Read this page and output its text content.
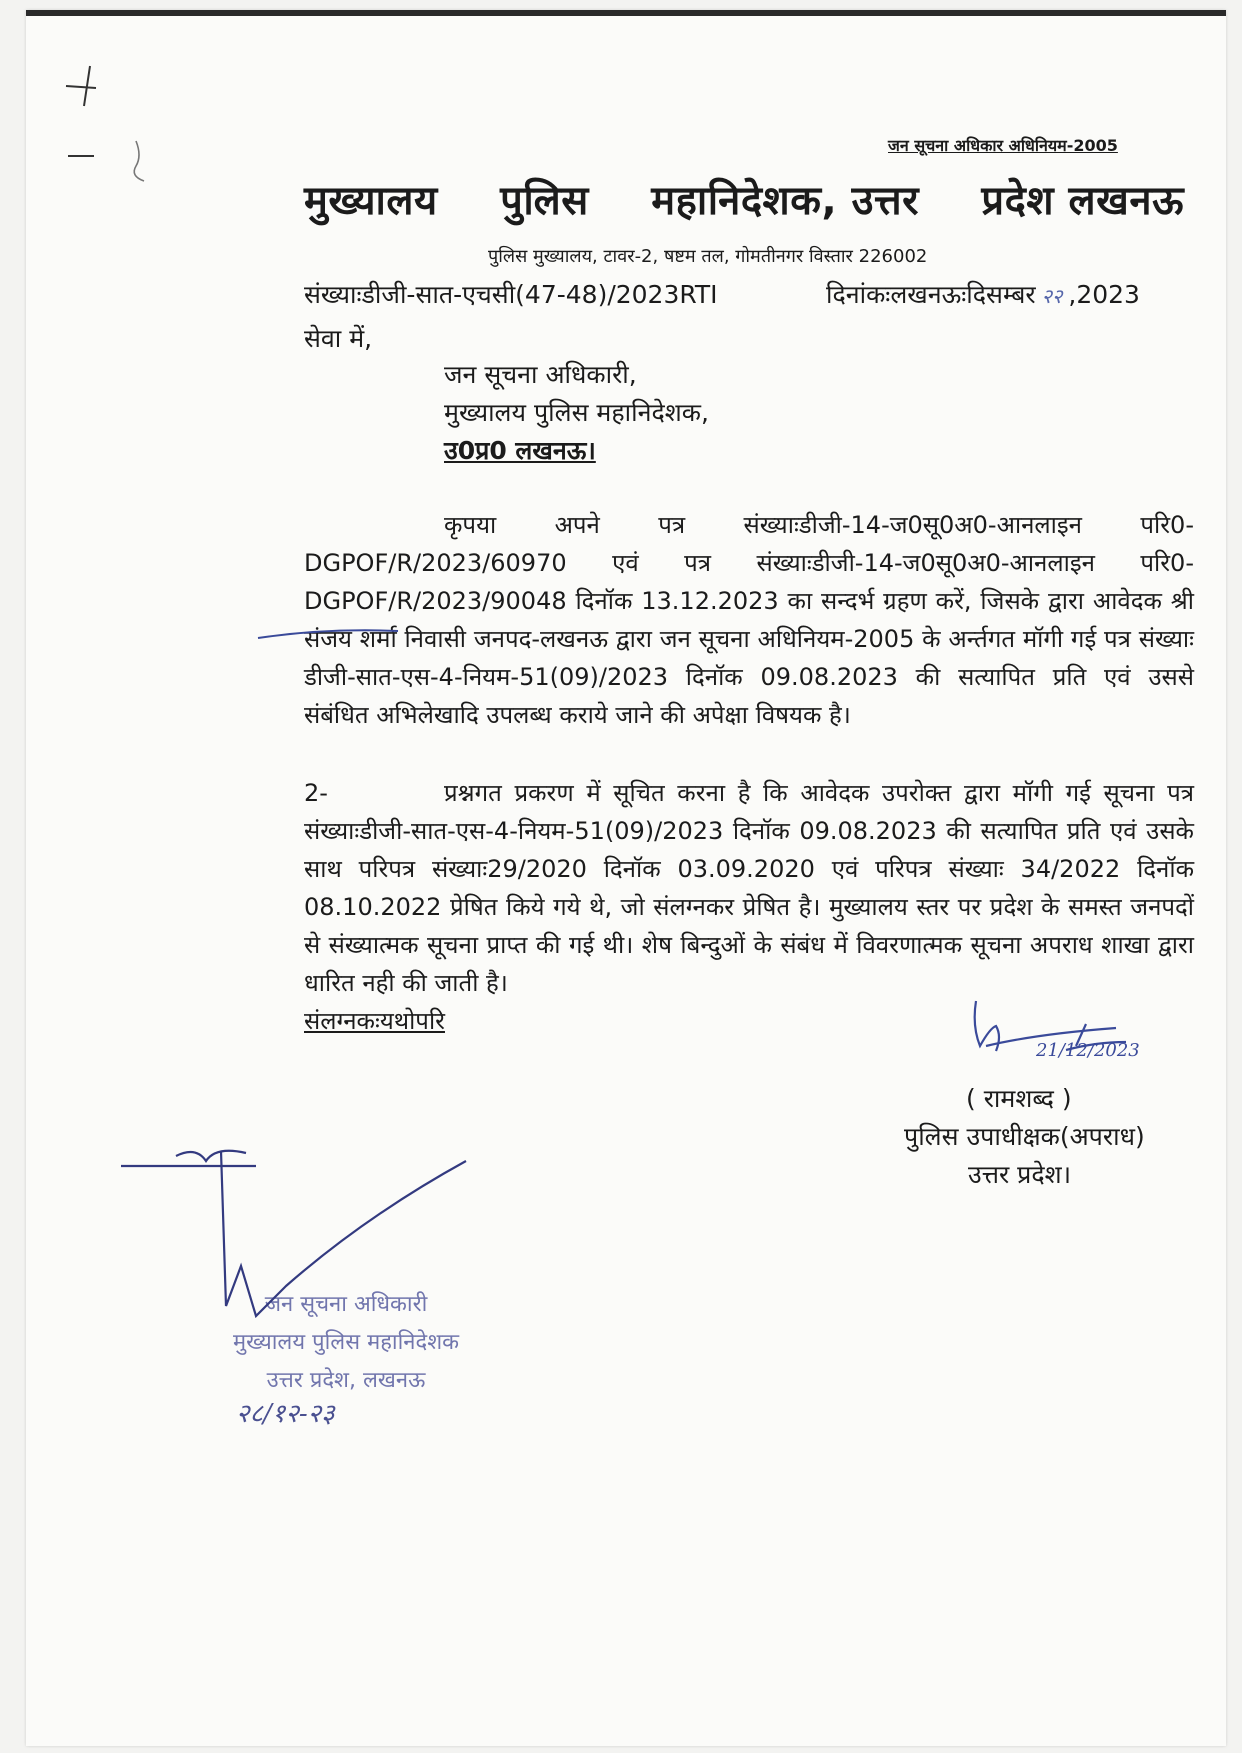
जन सूचना अधिकार अधिनियम-2005
मुख्यालय पुलिस महानिदेशक, उत्तर प्रदेश लखनऊ
पुलिस मुख्यालय, टावर-2, षष्टम तल, गोमतीनगर विस्तार 226002
संख्याःडीजी-सात-एचसी(47-48)/2023RTI	दिनांकःलखनऊःदिसम्बर २२ ,2023
सेवा में,
जन सूचना अधिकारी,
मुख्यालय पुलिस महानिदेशक,
उ0प्र0 लखनऊ।
कृपया अपने पत्र संख्याःडीजी-14-ज0सू0अ0-आनलाइन परि0-DGPOF/R/2023/60970 एवं पत्र संख्याःडीजी-14-ज0सू0अ0-आनलाइन परि0- DGPOF/R/2023/90048 दिनॉक 13.12.2023 का सन्दर्भ ग्रहण करें, जिसके द्वारा आवेदक श्री संजय शर्मा निवासी जनपद-लखनऊ द्वारा जन सूचना अधिनियम-2005 के अर्न्तगत मॉगी गई पत्र संख्याः डीजी-सात-एस-4-नियम-51(09)/2023 दिनॉक 09.08.2023 की सत्यापित प्रति एवं उससे संबंधित अभिलेखादि उपलब्ध कराये जाने की अपेक्षा विषयक है।
2-	प्रश्नगत प्रकरण में सूचित करना है कि आवेदक उपरोक्त द्वारा मॉगी गई सूचना पत्र संख्याःडीजी-सात-एस-4-नियम-51(09)/2023 दिनॉक 09.08.2023 की सत्यापित प्रति एवं उसके साथ परिपत्र संख्याः29/2020 दिनॉक 03.09.2020 एवं परिपत्र संख्याः 34/2022 दिनॉक 08.10.2022 प्रेषित किये गये थे, जो संलग्नकर प्रेषित है। मुख्यालय स्तर पर प्रदेश के समस्त जनपदों से संख्यात्मक सूचना प्राप्त की गई थी। शेष बिन्दुओं के संबंध में विवरणात्मक सूचना अपराध शाखा द्वारा धारित नही की जाती है।
संलग्नकःयथोपरि
( रामशब्द )
पुलिस उपाधीक्षक(अपराध)
उत्तर प्रदेश।
जन सूचना अधिकारी
मुख्यालय पुलिस महानिदेशक
उत्तर प्रदेश, लखनऊ
२८/१२-२३
21/12/2023
